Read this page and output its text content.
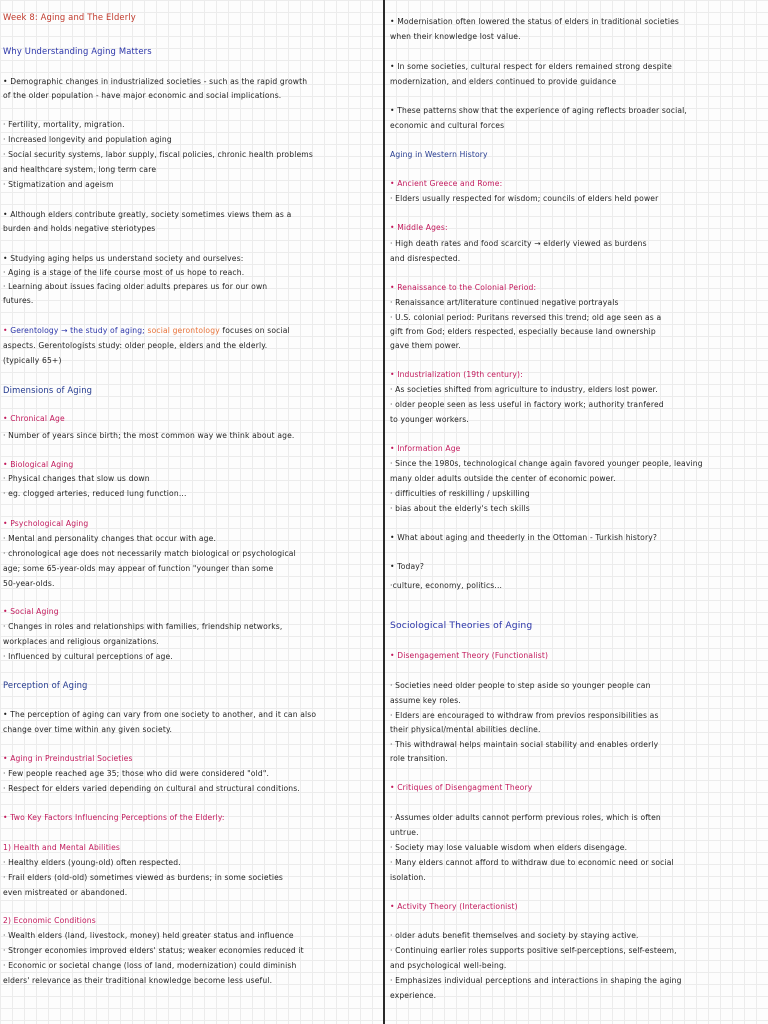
Week 8: Aging and The Elderly
Why Understanding Aging Matters
• Demographic changes in industrialized societies - such as the rapid growth
of the older population - have major economic and social implications.
· Fertility, mortality, migration.
· Increased longevity and population aging
· Social security systems, labor supply, fiscal policies, chronic health problems
and healthcare system, long term care
· Stigmatization and ageism
• Although elders contribute greatly, society sometimes views them as a
burden and holds negative steriotypes
• Studying aging helps us understand society and ourselves:
· Aging is a stage of the life course most of us hope to reach.
· Learning about issues facing older adults prepares us for our own
futures.
• Gerentology → the study of aging; social gerontology focuses on social
aspects. Gerentologists study: older people, elders and the elderly.
(typically 65+)
Dimensions of Aging
• Chronical Age
· Number of years since birth; the most common way we think about age.
• Biological Aging
· Physical changes that slow us down
· eg. clogged arteries, reduced lung function...
• Psychological Aging
· Mental and personality changes that occur with age.
· chronological age does not necessarily match biological or psychological
age; some 65-year-olds may appear of function "younger than some
50-year-olds.
• Social Aging
· Changes in roles and relationships with families, friendship networks,
workplaces and religious organizations.
· Influenced by cultural perceptions of age.
Perception of Aging
• The perception of aging can vary from one society to another, and it can also
change over time within any given society.
• Aging in Preindustrial Societies
· Few people reached age 35; those who did were considered "old".
· Respect for elders varied depending on cultural and structural conditions.
• Two Key Factors Influencing Perceptions of the Elderly:
1) Health and Mental Abilities
· Healthy elders (young-old) often respected.
· Frail elders (old-old) sometimes viewed as burdens; in some societies
even mistreated or abandoned.
2) Economic Conditions
· Wealth elders (land, livestock, money) held greater status and influence
· Stronger economies improved elders' status; weaker economies reduced it
· Economic or societal change (loss of land, modernization) could diminish
elders' relevance as their traditional knowledge become less useful.
• Modernisation often lowered the status of elders in traditional societies
when their knowledge lost value.
• In some societies, cultural respect for elders remained strong despite
modernization, and elders continued to provide guidance
• These patterns show that the experience of aging reflects broader social,
economic and cultural forces
Aging in Western History
• Ancient Greece and Rome:
· Elders usually respected for wisdom; councils of elders held power
• Middle Ages:
· High death rates and food scarcity → elderly viewed as burdens
and disrespected.
• Renaissance to the Colonial Period:
· Renaissance art/literature continued negative portrayals
· U.S. colonial period: Puritans reversed this trend; old age seen as a
gift from God; elders respected, especially because land ownership
gave them power.
• Industrialization (19th century):
· As societies shifted from agriculture to industry, elders lost power.
· older people seen as less useful in factory work; authority tranfered
to younger workers.
• Information Age
· Since the 1980s, technological change again favored younger people, leaving
many older adults outside the center of economic power.
· difficulties of reskilling / upskilling
· bias about the elderly's tech skills
• What about aging and theederly in the Ottoman - Turkish history?
• Today?
·culture, economy, politics...
Sociological Theories of Aging
• Disengagement Theory (Functionalist)
· Societies need older people to step aside so younger people can
assume key roles.
· Elders are encouraged to withdraw from previos responsibilities as
their physical/mental abilities decline.
· This withdrawal helps maintain social stability and enables orderly
role transition.
• Critiques of Disengagment Theory
· Assumes older adults cannot perform previous roles, which is often
untrue.
· Society may lose valuable wisdom when elders disengage.
· Many elders cannot afford to withdraw due to economic need or social
isolation.
• Activity Theory (Interactionist)
· older aduts benefit themselves and society by staying active.
· Continuing earlier roles supports positive self-perceptions, self-esteem,
and psychological well-being.
· Emphasizes individual perceptions and interactions in shaping the aging
experience.
